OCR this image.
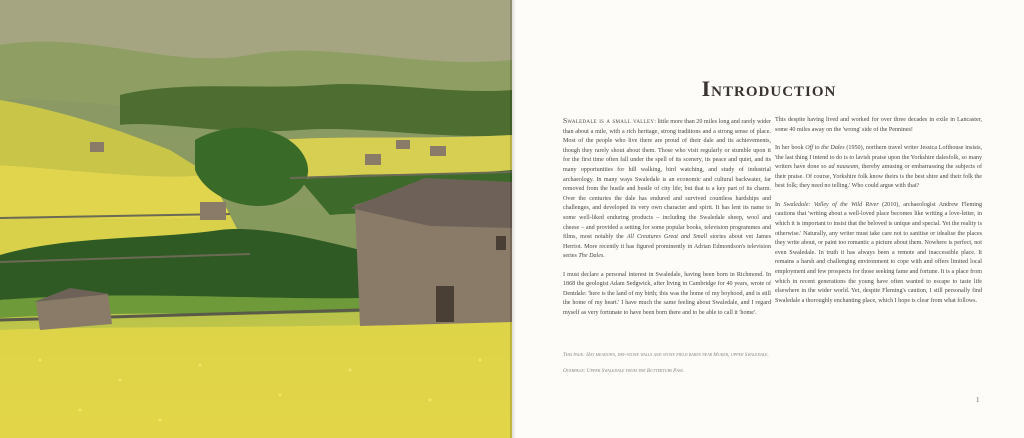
Introduction

Swaledale is a small valley: little more than 20 miles long and rarely wider than about a mile, with a rich heritage, strong traditions and a strong sense of place. Most of the people who live there are proud of their dale and its achievements, though they rarely shout about them. Those who visit regularly or stumble upon it for the first time often fall under the spell of its scenery, its peace and quiet, and its many opportunities for hill walking, bird watching, and study of industrial archaeology. In many ways Swaledale is an economic and cultural backwater, far removed from the hustle and bustle of city life; but that is a key part of its charm. Over the centuries the dale has endured and survived countless hardships and challenges, and developed its very own character and spirit. It has lent its name to some well-liked enduring products – including the Swaledale sheep, wool and cheese – and provided a setting for some popular books, television programmes and films, most notably the All Creatures Great and Small stories about vet James Herriot. More recently it has figured prominently in Adrian Edmondson's television series The Dales.

I must declare a personal interest in Swaledale, having been born in Richmond. In 1868 the geologist Adam Sedgwick, after living in Cambridge for 40 years, wrote of Dentdale: 'here is the land of my birth; this was the home of my boyhood, and is still the home of my heart.' I have much the same feeling about Swaledale, and I regard myself as very fortunate to have been born there and to be able to call it 'home'.

This despite having lived and worked for over three decades in exile in Lancaster, some 40 miles away on the 'wrong' side of the Pennines!

In her book Off to the Dales (1950), northern travel writer Jessica Lofthouse insists, 'the last thing I intend to do is to lavish praise upon the Yorkshire dalesfolk, so many writers have done so ad nauseam, thereby amusing or embarrassing the subjects of their praise. Of course, Yorkshire folk know theirs is the best shire and their folk the best folk; they need no telling.' Who could argue with that?

In Swaledale: Valley of the Wild River (2010), archaeologist Andrew Fleming cautions that 'writing about a well-loved place becomes like writing a love-letter, in which it is important to insist that the beloved is unique and special. Yet the reality is otherwise.' Naturally, any writer must take care not to sanitise or idealise the places they write about, or paint too romantic a picture about them. Nowhere is perfect, not even Swaledale. In truth it has always been a remote and inaccessible place. It remains a harsh and challenging environment to cope with and offers limited local employment and few prospects for those seeking fame and fortune. It is a place from which in recent generations the young have often wanted to escape to taste life elsewhere in the wider world. Yet, despite Fleming's caution, I still personally find Swaledale a thoroughly enchanting place, which I hope is clear from what follows.

This page: Hay meadows, dry-stone walls and stone field barns near Muker, upper Swaledale.

Overpage: Upper Swaledale from the Buttertubs Pass.

1
